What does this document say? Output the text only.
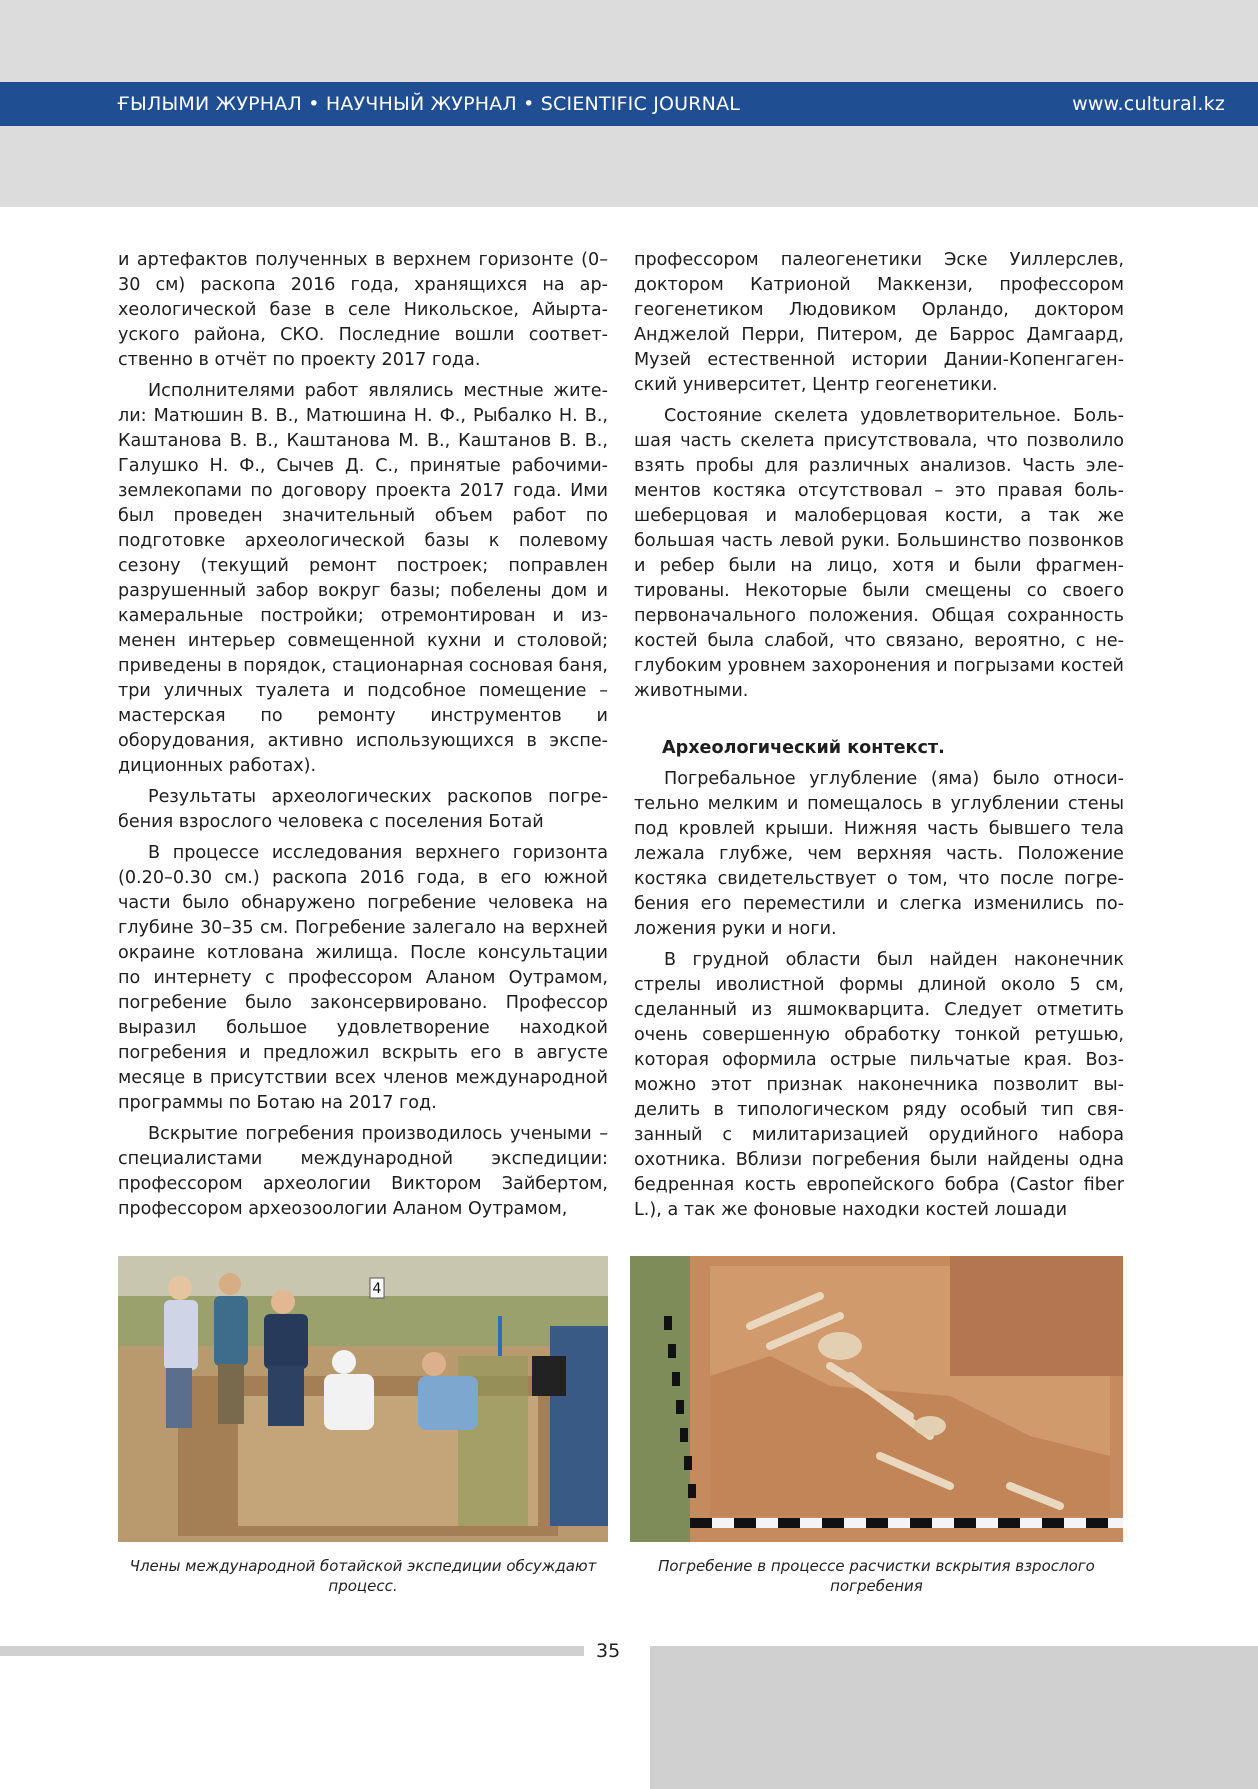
ҒЫЛЫМИ ЖУРНАЛ • НАУЧНЫЙ ЖУРНАЛ • SCIENTIFIC JOURNAL	www.cultural.kz

и артефактов полученных в верхнем горизонте (0–30 см) раскопа 2016 года, хранящихся на археологической базе в селе Никольское, Айыртауского района, СКО. Последние вошли соответственно в отчёт по проекту 2017 года.

Исполнителями работ являлись местные жители: Матюшин В. В., Матюшина Н. Ф., Рыбалко Н. В., Каштанова В. В., Каштанова М. В., Каштанов В. В., Галушко Н. Ф., Сычев Д. С., принятые рабочими-землекопами по договору проекта 2017 года. Ими был проведен значительный объем работ по подготовке археологической базы к полевому сезону (текущий ремонт построек; поправлен разрушенный забор вокруг базы; побелены дом и камеральные постройки; отремонтирован и изменен интерьер совмещенной кухни и столовой; приведены в порядок, стационарная сосновая баня, три уличных туалета и подсобное помещение – мастерская по ремонту инструментов и оборудования, активно использующихся в экспедиционных работах).

Результаты археологических раскопов погребения взрослого человека с поселения Ботай

В процессе исследования верхнего горизонта (0.20–0.30 см.) раскопа 2016 года, в его южной части было обнаружено погребение человека на глубине 30–35 см. Погребение залегало на верхней окраине котлована жилища. После консультации по интернету с профессором Аланом Оутрамом, погребение было законсервировано. Профессор выразил большое удовлетворение находкой погребения и предложил вскрыть его в августе месяце в присутствии всех членов международной программы по Ботаю на 2017 год.

Вскрытие погребения производилось учеными – специалистами международной экспедиции: профессором археологии Виктором Зайбертом, профессором археозоологии Аланом Оутрамом,

профессором палеогенетики Эске Уиллерслев, доктором Катрионой Маккензи, профессором геогенетиком Людовиком Орландо, доктором Анджелой Перри, Питером, де Баррос Дамгаард, Музей естественной истории Дании-Копенгагенский университет, Центр геогенетики.

Состояние скелета удовлетворительное. Большая часть скелета присутствовала, что позволило взять пробы для различных анализов. Часть элементов костяка отсутствовал – это правая большеберцовая и малоберцовая кости, а так же большая часть левой руки. Большинство позвонков и ребер были на лицо, хотя и были фрагментированы. Некоторые были смещены со своего первоначального положения. Общая сохранность костей была слабой, что связано, вероятно, с неглубоким уровнем захоронения и погрызами костей животными.

Археологический контекст.

Погребальное углубление (яма) было относительно мелким и помещалось в углублении стены под кровлей крыши. Нижняя часть бывшего тела лежала глубже, чем верхняя часть. Положение костяка свидетельствует о том, что после погребения его переместили и слегка изменились положения руки и ноги.

В грудной области был найден наконечник стрелы иволистной формы длиной около 5 см, сделанный из яшмокварцита. Следует отметить очень совершенную обработку тонкой ретушью, которая оформила острые пильчатые края. Возможно этот признак наконечника позволит выделить в типологическом ряду особый тип связанный с милитаризацией орудийного набора охотника. Вблизи погребения были найдены одна бедренная кость европейского бобра (Castor fiber L.), а так же фоновые находки костей лошади

4
Члены международной ботайской экспедиции обсуждают процесс.
Погребение в процессе расчистки вскрытия взрослого погребения
35
